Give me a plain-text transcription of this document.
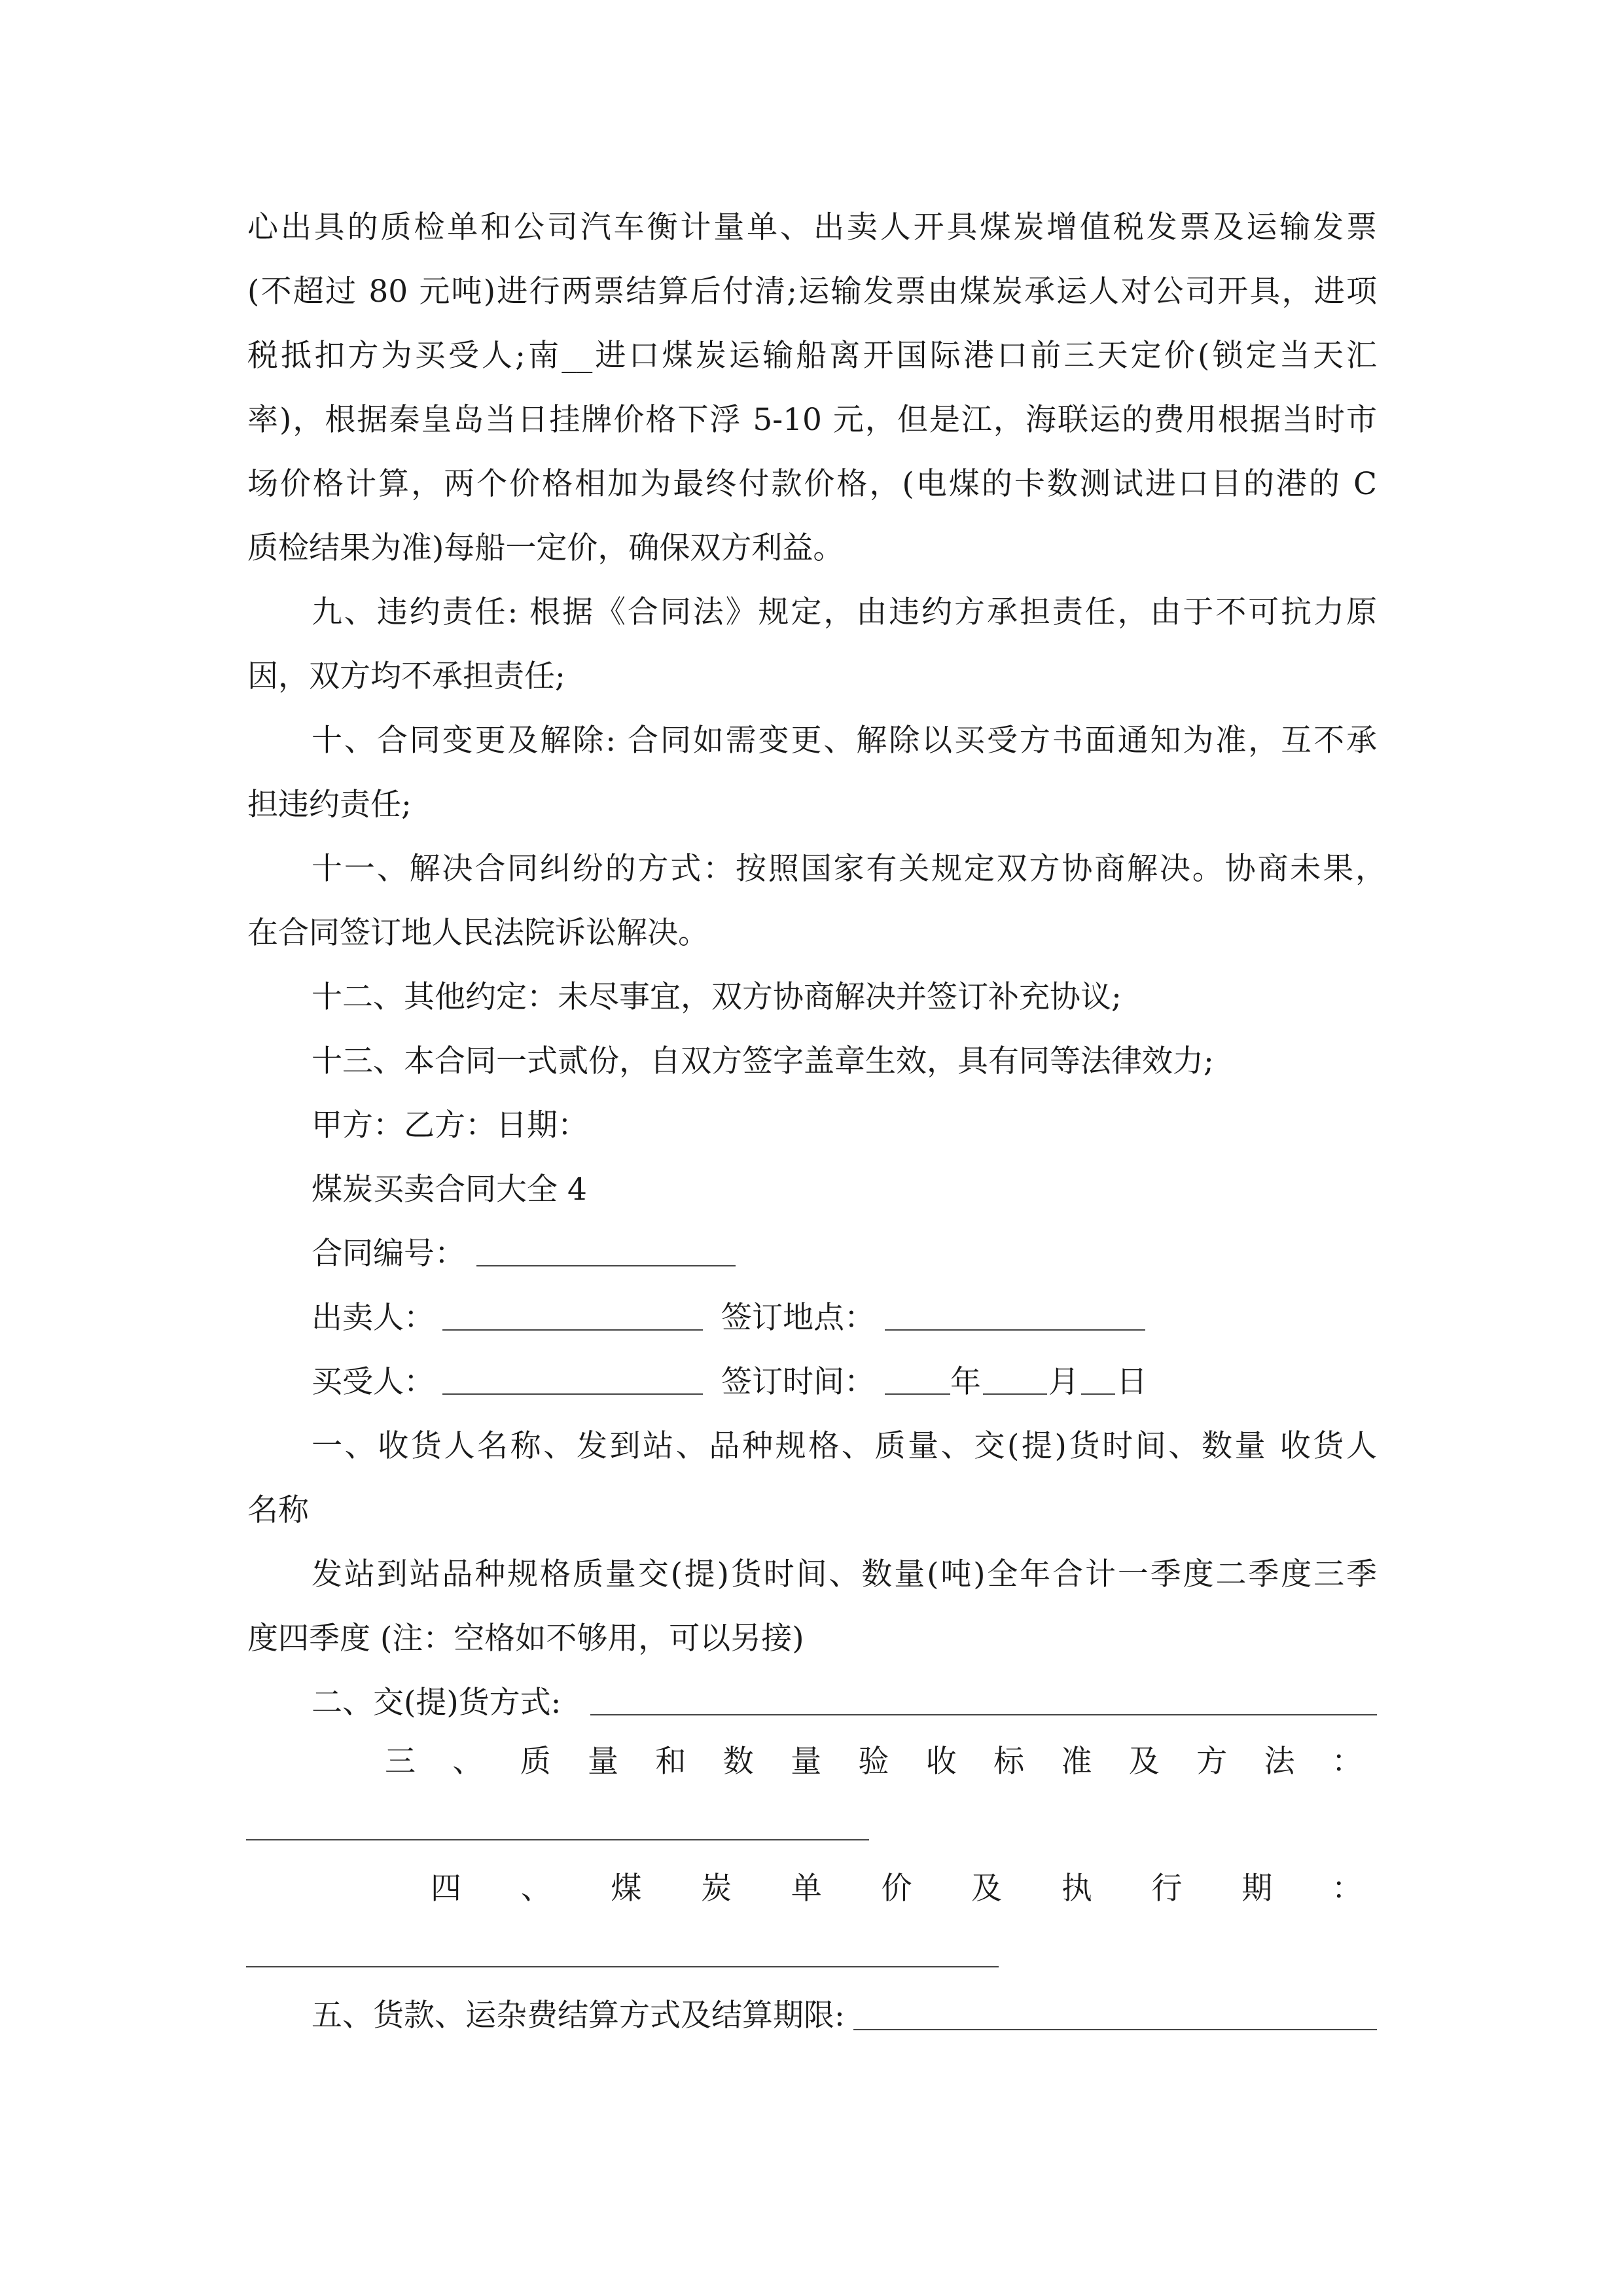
心出具的质检单和公司汽车衡计量单、出卖人开具煤炭增值税发票及运输发票
(不超过 80 元吨)进行两票结算后付清;运输发票由煤炭承运人对公司开具，进项
税抵扣方为买受人;南__进口煤炭运输船离开国际港口前三天定价(锁定当天汇
率)，根据秦皇岛当日挂牌价格下浮 5-10 元，但是江，海联运的费用根据当时市
场价格计算，两个价格相加为最终付款价格，(电煤的卡数测试进口目的港的 C
质检结果为准)每船一定价，确保双方利益。
九、违约责任: 根据《合同法》规定，由违约方承担责任，由于不可抗力原
因，双方均不承担责任;
十、合同变更及解除: 合同如需变更、解除以买受方书面通知为准，互不承
担违约责任;
十一、解决合同纠纷的方式：按照国家有关规定双方协商解决。协商未果，
在合同签订地人民法院诉讼解决。
十二、其他约定：未尽事宜，双方协商解决并签订补充协议;
十三、本合同一式贰份，自双方签字盖章生效，具有同等法律效力;
甲方：乙方：日期：
煤炭买卖合同大全 4
合同编号：
出卖人：	签订地点：
买受人：	签订时间： 年 月 日
一、收货人名称、发到站、品种规格、质量、交(提)货时间、数量 收货人
名称
发站到站品种规格质量交(提)货时间、数量(吨)全年合计一季度二季度三季
度四季度 (注：空格如不够用，可以另接)
二、交(提)货方式:
三 、 质 量 和 数 量 验 收 标 准 及 方 法 ：
四 、 煤 炭 单 价 及 执 行 期 ：
五、货款、运杂费结算方式及结算期限:
